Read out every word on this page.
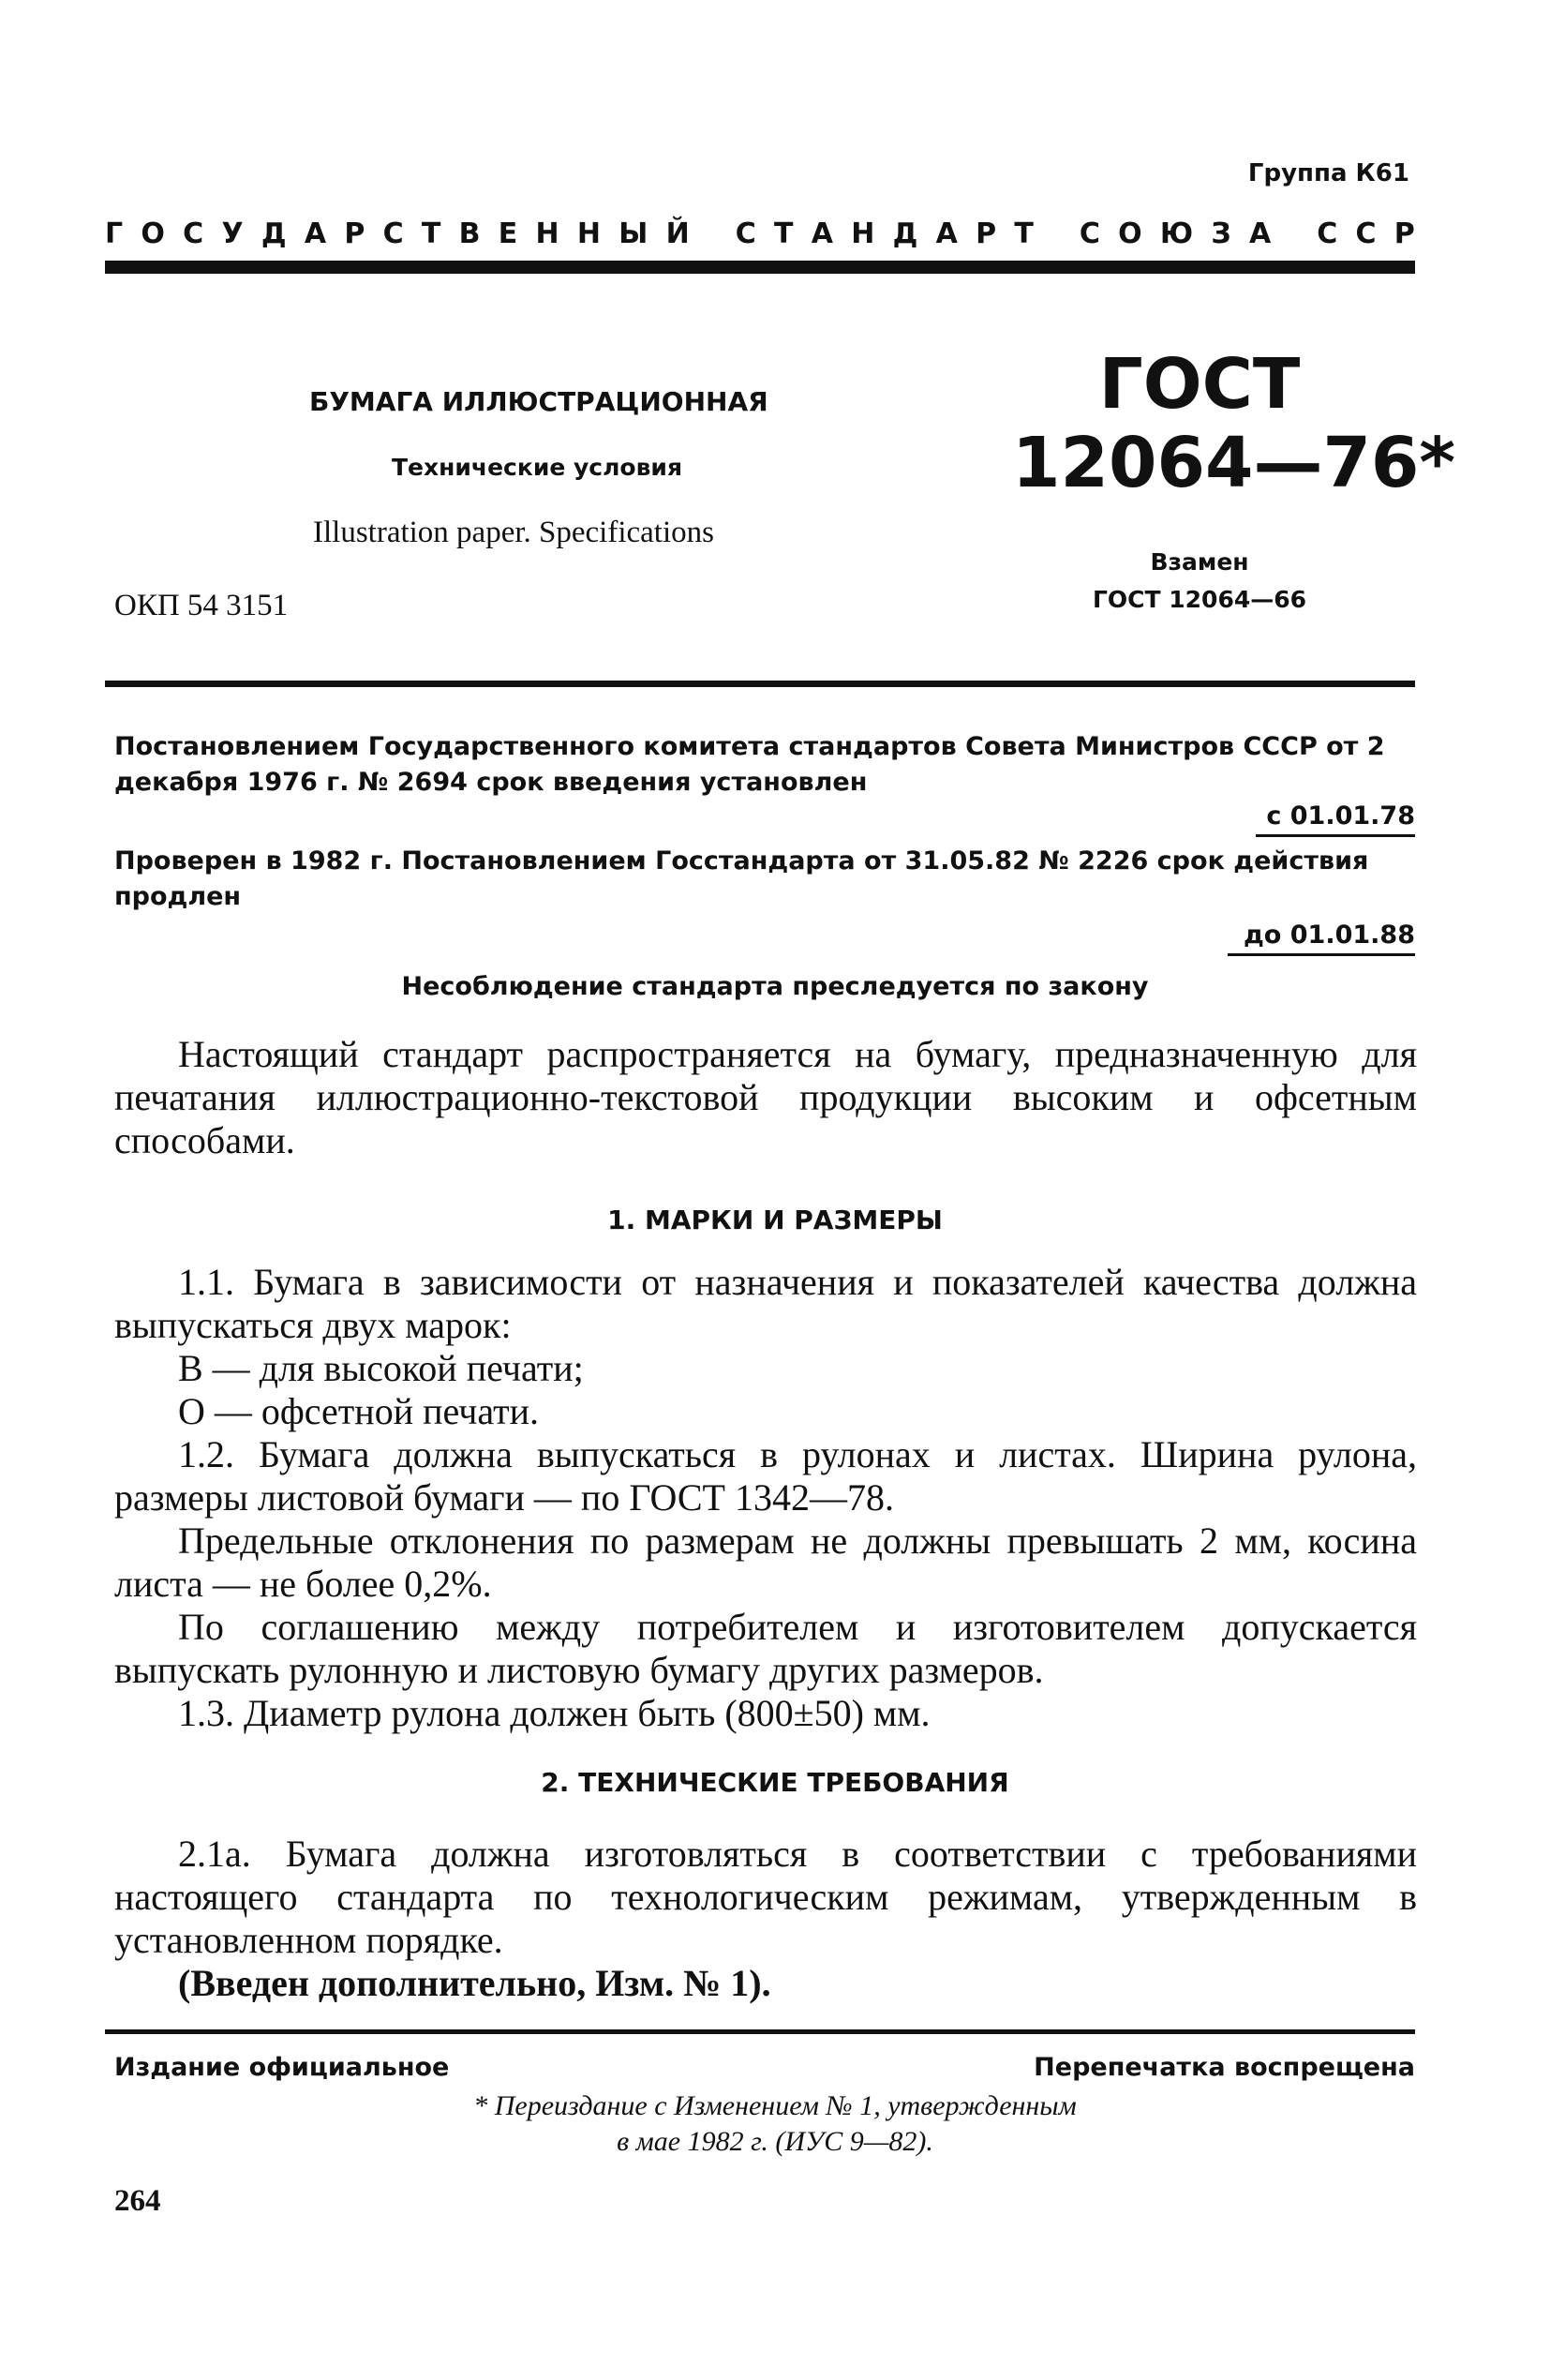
Группа К61
Г О С У Д А Р С Т В Е Н Н Ы Й
С Т А Н Д А Р Т
С О Ю З А
С С Р
БУМАГА ИЛЛЮСТРАЦИОННАЯ
Технические условия
Illustration paper. Specifications
ОКП 54 3151
ГОСТ
12064—76*
Взамен
ГОСТ 12064—66
Постановлением Государственного комитета стандартов Совета Министров СССР от 2 декабря 1976 г. № 2694 срок введения установлен
с 01.01.78
Проверен в 1982 г. Постановлением Госстандарта от 31.05.82 № 2226 срок действия продлен
до 01.01.88
Несоблюдение стандарта преследуется по закону
Настоящий стандарт распространяется на бумагу, предназначенную для печатания иллюстрационно-текстовой продукции высоким и офсетным способами.
1. МАРКИ И РАЗМЕРЫ
1.1. Бумага в зависимости от назначения и показателей качества должна выпускаться двух марок:
В — для высокой печати;
О — офсетной печати.
1.2. Бумага должна выпускаться в рулонах и листах. Ширина рулона, размеры листовой бумаги — по ГОСТ 1342—78.
Предельные отклонения по размерам не должны превышать 2 мм, косина листа — не более 0,2%.
По соглашению между потребителем и изготовителем допускается выпускать рулонную и листовую бумагу других размеров.
1.3. Диаметр рулона должен быть (800±50) мм.
2. ТЕХНИЧЕСКИЕ ТРЕБОВАНИЯ
2.1а. Бумага должна изготовляться в соответствии с требованиями настоящего стандарта по технологическим режимам, утвержденным в установленном порядке.
(Введен дополнительно, Изм. № 1).
Издание официальное	Перепечатка воспрещена
* Переиздание с Изменением № 1, утвержденным
в мае 1982 г. (ИУС 9—82).
264
